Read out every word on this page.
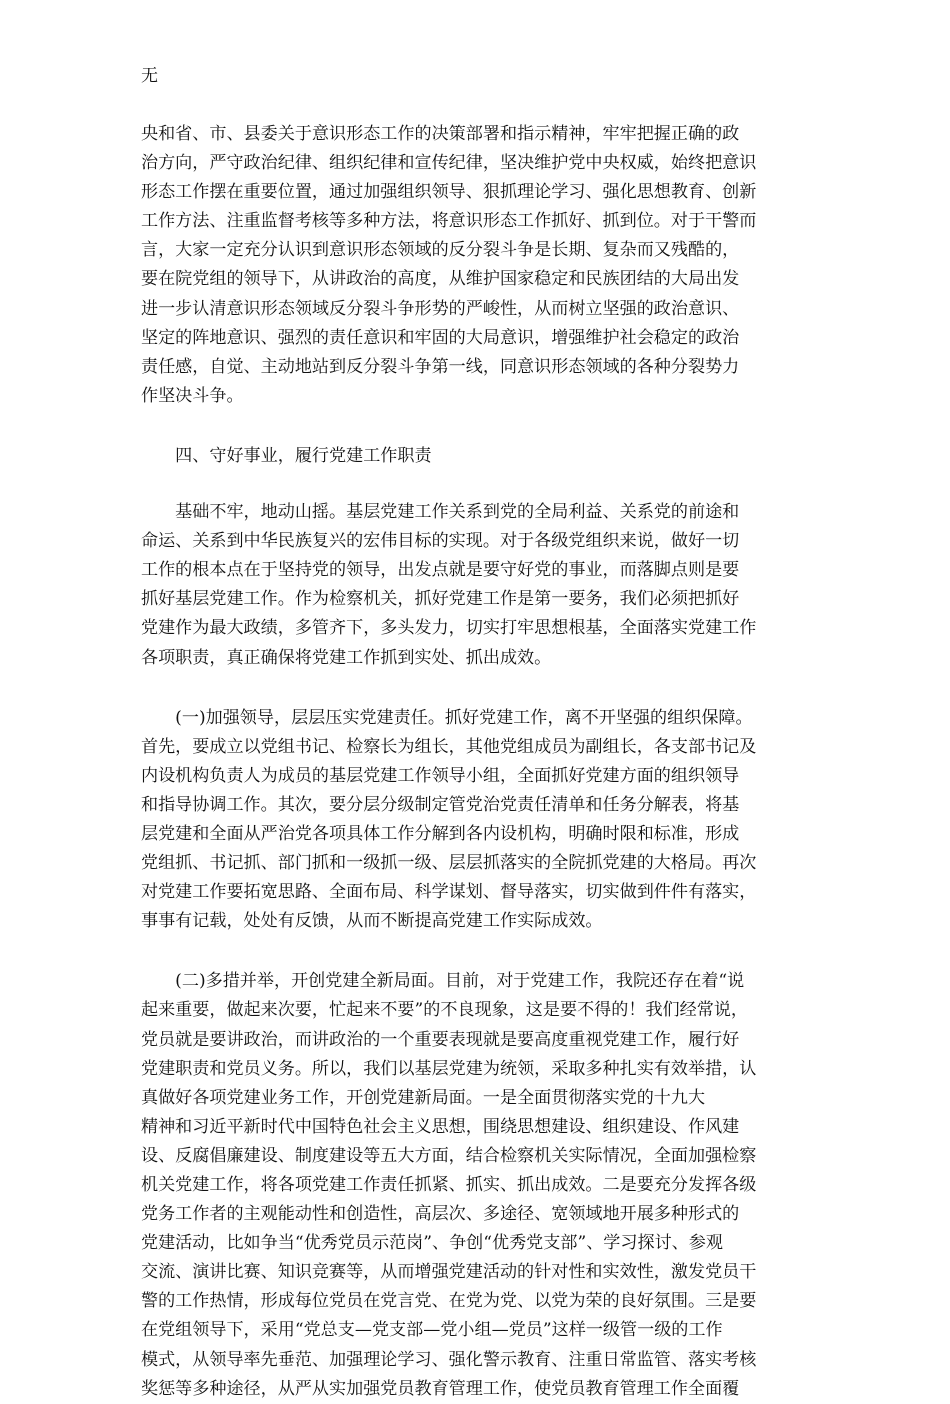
无
央和省、市、县委关于意识形态工作的决策部署和指示精神，牢牢把握正确的政
治方向，严守政治纪律、组织纪律和宣传纪律，坚决维护党中央权威，始终把意识
形态工作摆在重要位置，通过加强组织领导、狠抓理论学习、强化思想教育、创新
工作方法、注重监督考核等多种方法，将意识形态工作抓好、抓到位。对于干警而
言，大家一定充分认识到意识形态领域的反分裂斗争是长期、复杂而又残酷的，
要在院党组的领导下，从讲政治的高度，从维护国家稳定和民族团结的大局出发
进一步认清意识形态领域反分裂斗争形势的严峻性，从而树立坚强的政治意识、
坚定的阵地意识、强烈的责任意识和牢固的大局意识，增强维护社会稳定的政治
责任感，自觉、主动地站到反分裂斗争第一线，同意识形态领域的各种分裂势力
作坚决斗争。
　　四、守好事业，履行党建工作职责
　　基础不牢，地动山摇。基层党建工作关系到党的全局利益、关系党的前途和
命运、关系到中华民族复兴的宏伟目标的实现。对于各级党组织来说，做好一切
工作的根本点在于坚持党的领导，出发点就是要守好党的事业，而落脚点则是要
抓好基层党建工作。作为检察机关，抓好党建工作是第一要务，我们必须把抓好
党建作为最大政绩，多管齐下，多头发力，切实打牢思想根基，全面落实党建工作
各项职责，真正确保将党建工作抓到实处、抓出成效。
　　(一)加强领导，层层压实党建责任。抓好党建工作，离不开坚强的组织保障。
首先，要成立以党组书记、检察长为组长，其他党组成员为副组长，各支部书记及
内设机构负责人为成员的基层党建工作领导小组，全面抓好党建方面的组织领导
和指导协调工作。其次，要分层分级制定管党治党责任清单和任务分解表，将基
层党建和全面从严治党各项具体工作分解到各内设机构，明确时限和标准，形成
党组抓、书记抓、部门抓和一级抓一级、层层抓落实的全院抓党建的大格局。再次
对党建工作要拓宽思路、全面布局、科学谋划、督导落实，切实做到件件有落实，
事事有记载，处处有反馈，从而不断提高党建工作实际成效。
　　(二)多措并举，开创党建全新局面。目前，对于党建工作，我院还存在着“说
起来重要，做起来次要，忙起来不要”的不良现象，这是要不得的！我们经常说，
党员就是要讲政治，而讲政治的一个重要表现就是要高度重视党建工作，履行好
党建职责和党员义务。所以，我们以基层党建为统领，采取多种扎实有效举措，认
真做好各项党建业务工作，开创党建新局面。一是全面贯彻落实党的十九大
精神和习近平新时代中国特色社会主义思想，围绕思想建设、组织建设、作风建
设、反腐倡廉建设、制度建设等五大方面，结合检察机关实际情况，全面加强检察
机关党建工作，将各项党建工作责任抓紧、抓实、抓出成效。二是要充分发挥各级
党务工作者的主观能动性和创造性，高层次、多途径、宽领域地开展多种形式的
党建活动，比如争当“优秀党员示范岗”、争创“优秀党支部”、学习探讨、参观
交流、演讲比赛、知识竞赛等，从而增强党建活动的针对性和实效性，激发党员干
警的工作热情，形成每位党员在党言党、在党为党、以党为荣的良好氛围。三是要
在党组领导下，采用“党总支—党支部—党小组—党员”这样一级管一级的工作
模式，从领导率先垂范、加强理论学习、强化警示教育、注重日常监管、落实考核
奖惩等多种途径，从严从实加强党员教育管理工作，使党员教育管理工作全面覆
